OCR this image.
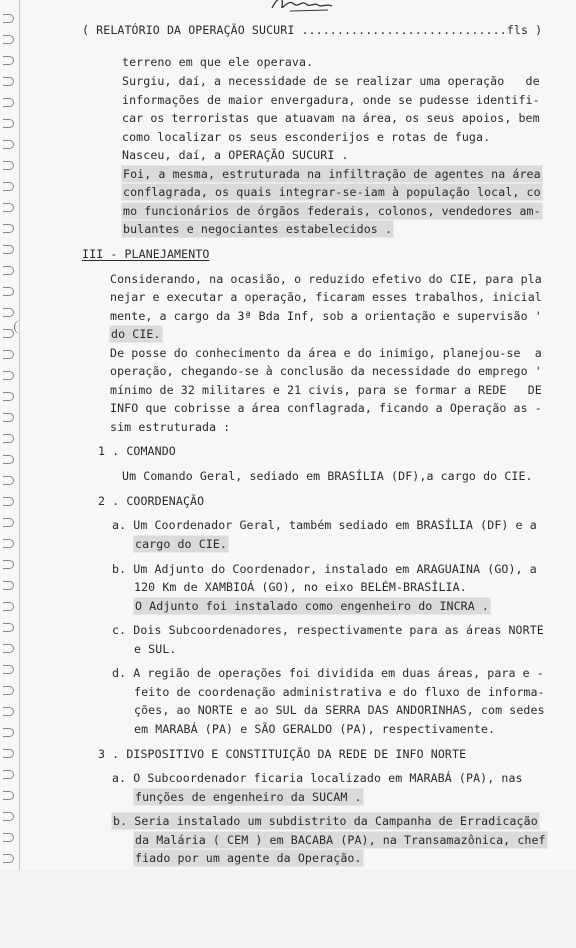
( RELATÓRIO DA OPERAÇÃO SUCURI .............................fls )
terreno em que ele operava.
Surgiu, daí, a necessidade de se realizar uma operação   de
informações de maior envergadura, onde se pudesse identifi-
car os terroristas que atuavam na área, os seus apoios, bem
como localizar os seus esconderijos e rotas de fuga.
Nasceu, daí, a OPERAÇÃO SUCURI .
Foi, a mesma, estruturada na infiltração de agentes na área
conflagrada, os quais integrar-se-iam à população local, co
mo funcionários de órgãos federais, colonos, vendedores am-
bulantes e negociantes estabelecidos .
III - PLANEJAMENTO
Considerando, na ocasião, o reduzido efetivo do CIE, para pla
nejar e executar a operação, ficaram esses trabalhos, inicial
mente, a cargo da 3ª Bda Inf, sob a orientação e supervisão '
do CIE.
De posse do conhecimento da área e do inimigo, planejou-se  a
operação, chegando-se à conclusão da necessidade do emprego '
mínimo de 32 militares e 21 civis, para se formar a REDE   DE
INFO que cobrisse a área conflagrada, ficando a Operação as -
sim estruturada :
1 . COMANDO
Um Comando Geral, sediado em BRASÍLIA (DF),a cargo do CIE.
2 . COORDENAÇÃO
a. Um Coordenador Geral, também sediado em BRASÍLIA (DF) e a
cargo do CIE.
b. Um Adjunto do Coordenador, instalado em ARAGUAINA (GO), a
120 Km de XAMBIOÁ (GO), no eixo BELÉM-BRASÍLIA.
O Adjunto foi instalado como engenheiro do INCRA .
c. Dois Subcoordenadores, respectivamente para as áreas NORTE
e SUL.
d. A região de operações foi dividida em duas áreas, para e -
feito de coordenação administrativa e do fluxo de informa-
ções, ao NORTE e ao SUL da SERRA DAS ANDORINHAS, com sedes
em MARABÁ (PA) e SÃO GERALDO (PA), respectivamente.
3 . DISPOSITIVO E CONSTITUIÇÃO DA REDE DE INFO NORTE
a. O Subcoordenador ficaria localizado em MARABÁ (PA), nas
funções de engenheiro da SUCAM .
b. Seria instalado um subdistrito da Campanha de Erradicação
da Malária ( CEM ) em BACABA (PA), na Transamazônica, chef
fiado por um agente da Operação.
